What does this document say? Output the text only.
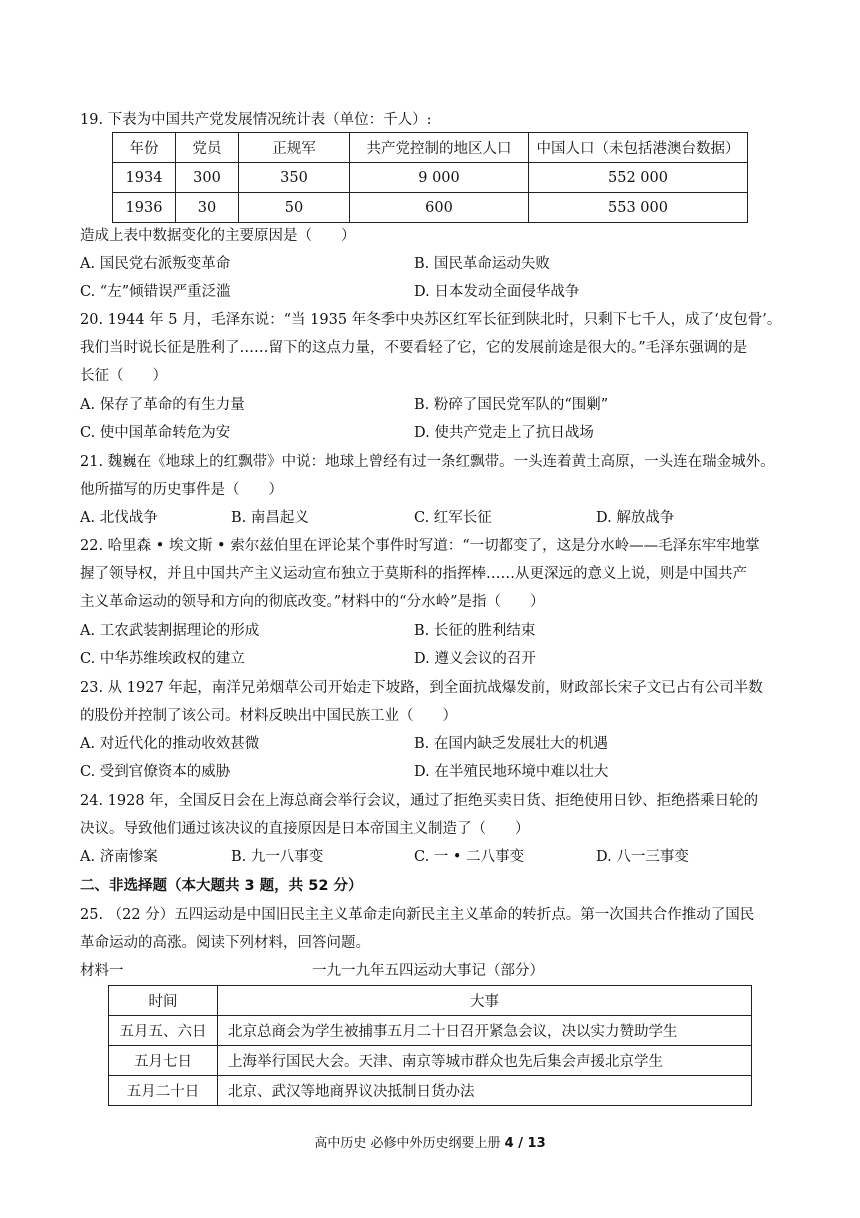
19. 下表为中国共产党发展情况统计表（单位：千人）:
年份	党员	正规军	共产党控制的地区人口	中国人口（未包括港澳台数据）
1934	300	350	9 000	552 000
1936	30	50	600	553 000
造成上表中数据变化的主要原因是（　　）
A. 国民党右派叛变革命	B. 国民革命运动失败
C. “左”倾错误严重泛滥	D. 日本发动全面侵华战争
20. 1944 年 5 月，毛泽东说：“当 1935 年冬季中央苏区红军长征到陕北时，只剩下七千人，成了‘皮包骨’。
我们当时说长征是胜利了……留下的这点力量，不要看轻了它，它的发展前途是很大的。”毛泽东强调的是
长征（　　）
A. 保存了革命的有生力量	B. 粉碎了国民党军队的“围剿”
C. 使中国革命转危为安	D. 使共产党走上了抗日战场
21. 魏巍在《地球上的红飘带》中说：地球上曾经有过一条红飘带。一头连着黄土高原，一头连在瑞金城外。
他所描写的历史事件是（　　）
A. 北伐战争	B. 南昌起义	C. 红军长征	D. 解放战争
22. 哈里森 • 埃文斯 • 索尔兹伯里在评论某个事件时写道：“一切都变了，这是分水岭——毛泽东牢牢地掌
握了领导权，并且中国共产主义运动宣布独立于莫斯科的指挥棒……从更深远的意义上说，则是中国共产
主义革命运动的领导和方向的彻底改变。”材料中的“分水岭”是指（　　）
A. 工农武装割据理论的形成	B. 长征的胜利结束
C. 中华苏维埃政权的建立	D. 遵义会议的召开
23. 从 1927 年起，南洋兄弟烟草公司开始走下坡路，到全面抗战爆发前，财政部长宋子文已占有公司半数
的股份并控制了该公司。材料反映出中国民族工业（　　）
A. 对近代化的推动收效甚微	B. 在国内缺乏发展壮大的机遇
C. 受到官僚资本的威胁	D. 在半殖民地环境中难以壮大
24. 1928 年，全国反日会在上海总商会举行会议，通过了拒绝买卖日货、拒绝使用日钞、拒绝搭乘日轮的
决议。导致他们通过该决议的直接原因是日本帝国主义制造了（　　）
A. 济南惨案	B. 九一八事变	C. 一 • 二八事变	D. 八一三事变
二、非选择题（本大题共 3 题，共 52 分）
25. （22 分）五四运动是中国旧民主主义革命走向新民主主义革命的转折点。第一次国共合作推动了国民
革命运动的高涨。阅读下列材料，回答问题。
材料一	一九一九年五四运动大事记（部分）
时间	大事
五月五、六日	北京总商会为学生被捕事五月二十日召开紧急会议，决以实力赞助学生
五月七日	上海举行国民大会。天津、南京等城市群众也先后集会声援北京学生
五月二十日	北京、武汉等地商界议决抵制日货办法
高中历史 必修中外历史纲要上册 4 / 13
